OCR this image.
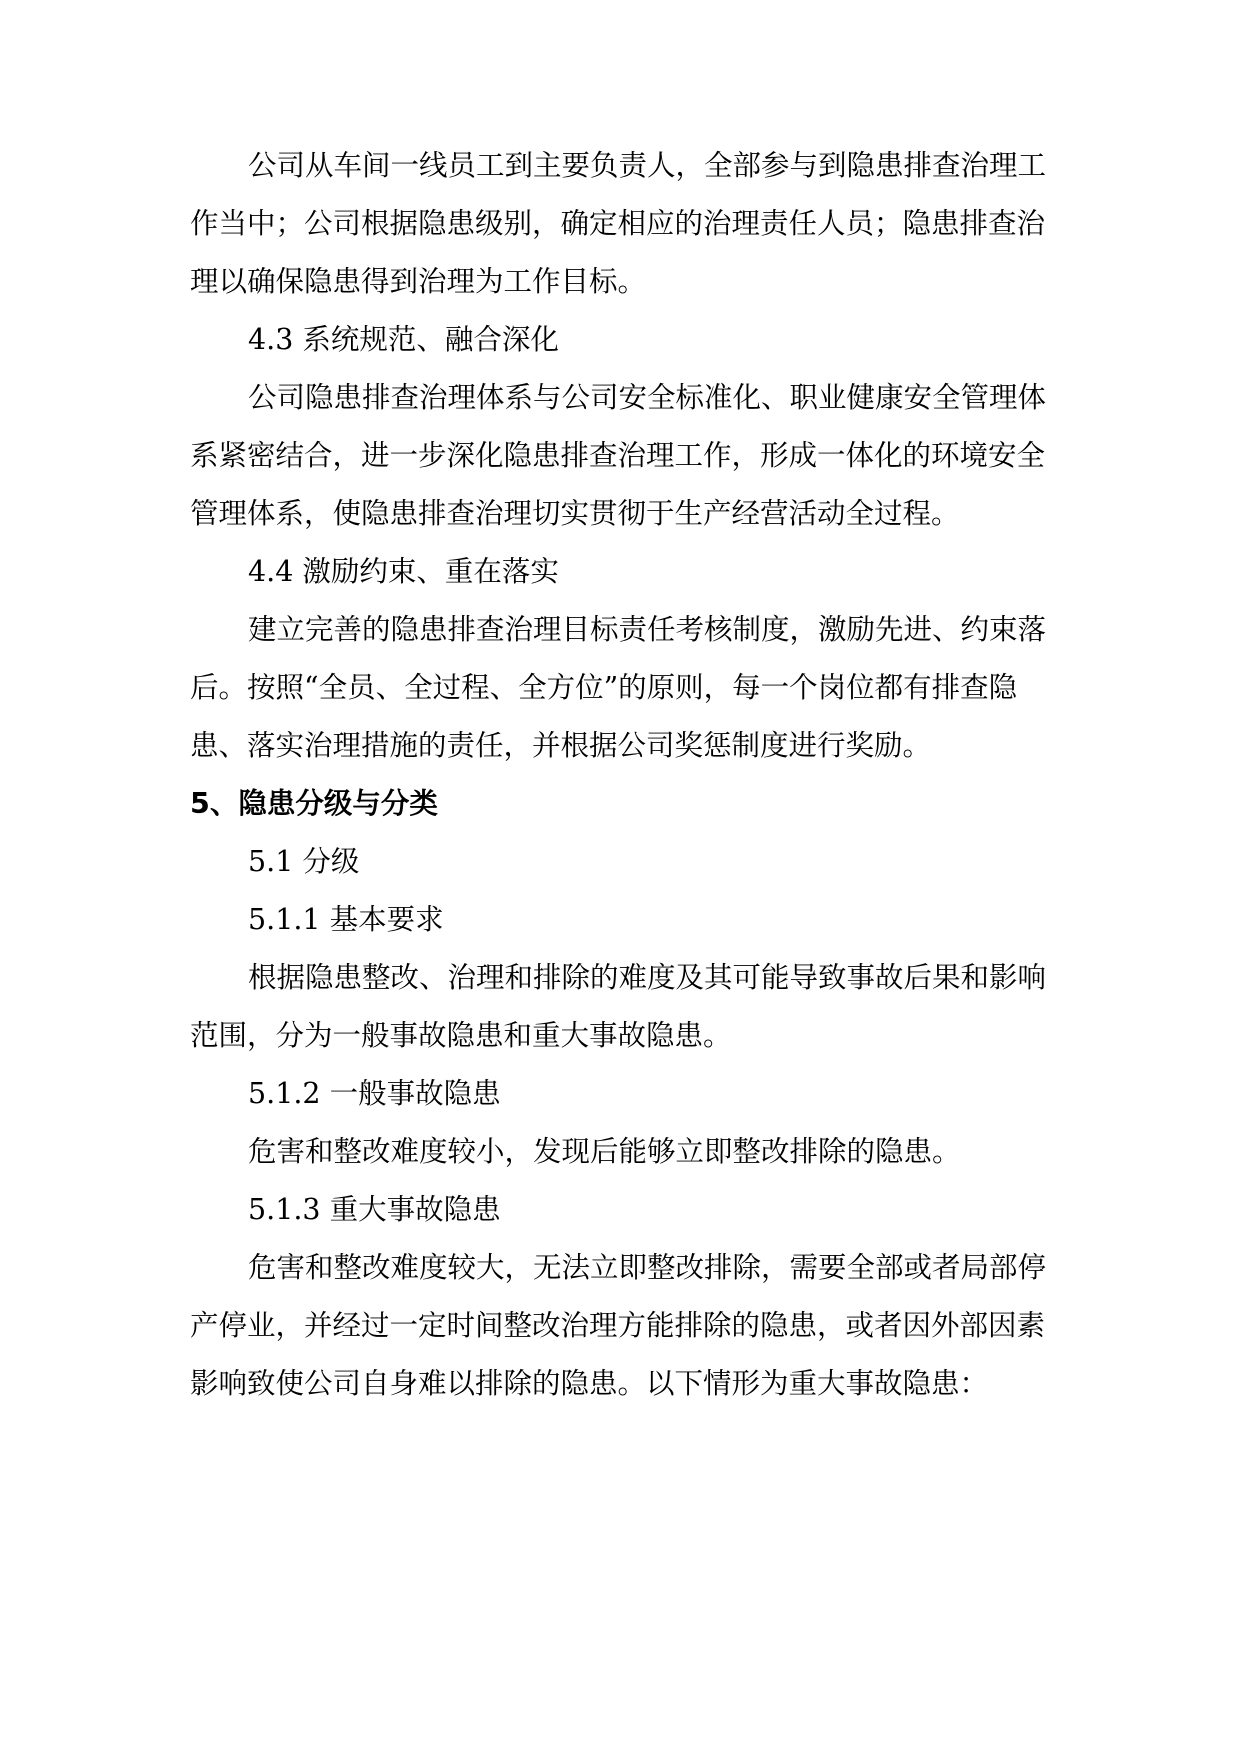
公司从车间一线员工到主要负责人，全部参与到隐患排查治理工
作当中；公司根据隐患级别，确定相应的治理责任人员；隐患排查治
理以确保隐患得到治理为工作目标。
4.3 系统规范、融合深化
公司隐患排查治理体系与公司安全标准化、职业健康安全管理体
系紧密结合，进一步深化隐患排查治理工作，形成一体化的环境安全
管理体系，使隐患排查治理切实贯彻于生产经营活动全过程。
4.4 激励约束、重在落实
建立完善的隐患排查治理目标责任考核制度，激励先进、约束落
后。按照“全员、全过程、全方位”的原则，每一个岗位都有排查隐
患、落实治理措施的责任，并根据公司奖惩制度进行奖励。
5、隐患分级与分类
5.1 分级
5.1.1 基本要求
根据隐患整改、治理和排除的难度及其可能导致事故后果和影响
范围，分为一般事故隐患和重大事故隐患。
5.1.2 一般事故隐患
危害和整改难度较小，发现后能够立即整改排除的隐患。
5.1.3 重大事故隐患
危害和整改难度较大，无法立即整改排除，需要全部或者局部停
产停业，并经过一定时间整改治理方能排除的隐患，或者因外部因素
影响致使公司自身难以排除的隐患。以下情形为重大事故隐患：
